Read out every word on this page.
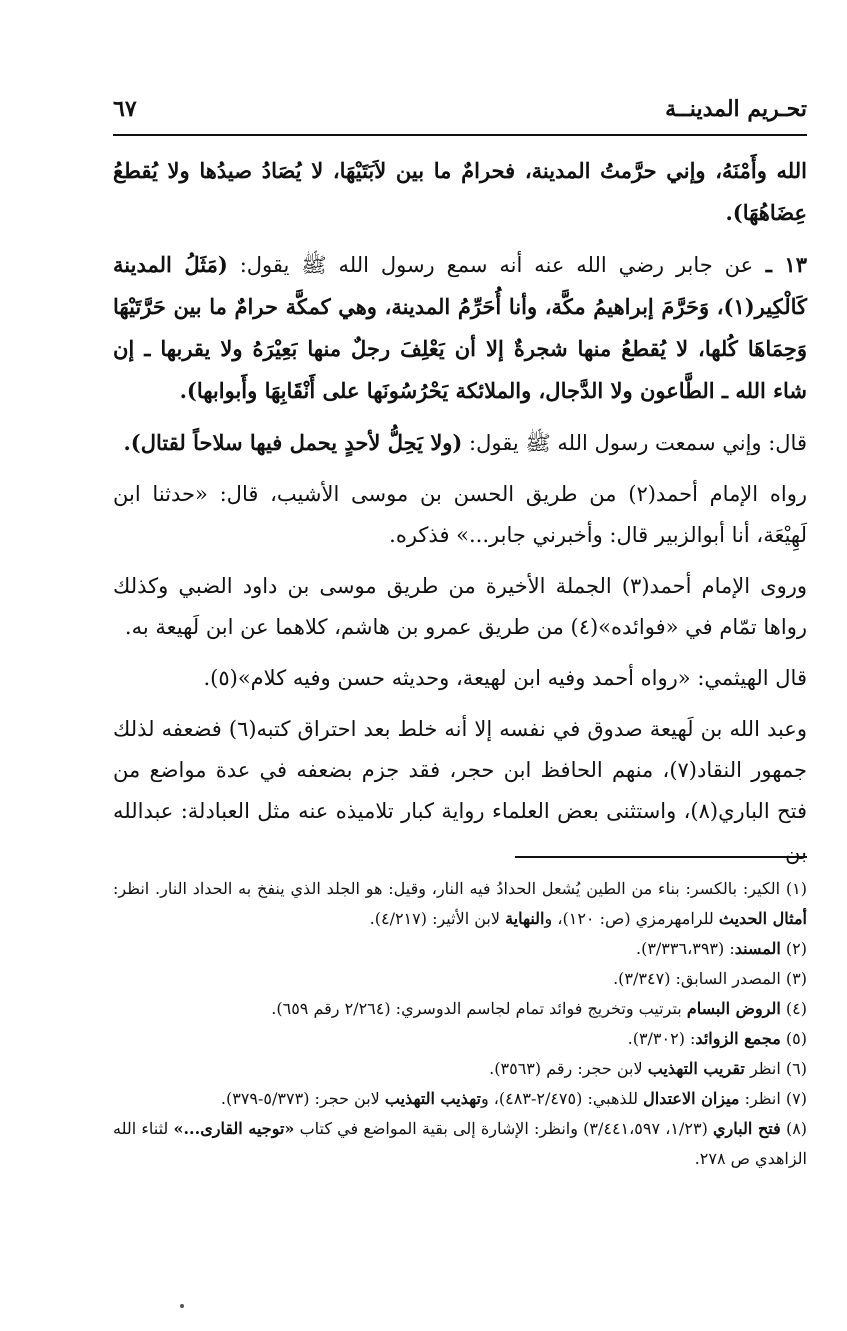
تحـريم المدينــة
٦٧

الله وأَمْنَهُ، وإني حرَّمتُ المدينة، فحرامٌ ما بين لاَبَتَيْهَا، لا يُصَادُ صيدُها ولا يُقطعُ عِضَاهُهَا).

١٣ ـ عن جابر رضي الله عنه أنه سمع رسول الله ﷺ يقول: (مَثَلُ المدينة كَالْكِير(١)، وَحَرَّمَ إبراهيمُ مكَّة، وأنا أُحَرِّمُ المدينة، وهي كمكَّة حرامٌ ما بين حَرَّتَيْهَا وَحِمَاهَا كُلها، لا يُقطعُ منها شجرةٌ إلا أن يَعْلِفَ رجلٌ منها بَعِيْرَهُ ولا يقربها ـ إن شاء الله ـ الطَّاعون ولا الدَّجال، والملائكة يَحْرُسُونَها على أَنْقَابِهَا وأَبوابها).

قال: وإني سمعت رسول الله ﷺ يقول: (ولا يَحِلُّ لأحدٍ يحمل فيها سلاحاً لقتال).

رواه الإمام أحمد(٢) من طريق الحسن بن موسى الأشيب، قال: «حدثنا ابن لَهِيْعَة، أنا أبوالزبير قال: وأخبرني جابر...» فذكره.

وروى الإمام أحمد(٣) الجملة الأخيرة من طريق موسى بن داود الضبي وكذلك رواها تمّام في «فوائده»(٤) من طريق عمرو بن هاشم، كلاهما عن ابن لَهيعة به.

قال الهيثمي: «رواه أحمد وفيه ابن لهيعة، وحديثه حسن وفيه كلام»(٥).

وعبد الله بن لَهيعة صدوق في نفسه إلا أنه خلط بعد احتراق كتبه(٦) فضعفه لذلك جمهور النقاد(٧)، منهم الحافظ ابن حجر، فقد جزم بضعفه في عدة مواضع من فتح الباري(٨)، واستثنى بعض العلماء رواية كبار تلاميذه عنه مثل العبادلة: عبدالله بن

(١) الكير: بالكسر: بناء من الطين يُشعل الحدادُ فيه النار، وقيل: هو الجلد الذي ينفخ به الحداد النار. انظر: أمثال الحديث للرامهرمزي (ص: ١٢٠)، والنهاية لابن الأثير: (٤/٢١٧).

(٢) المسند: (٣/٣٣٦،٣٩٣).

(٣) المصدر السابق: (٣/٣٤٧).

(٤) الروض البسام بترتيب وتخريج فوائد تمام لجاسم الدوسري: (٢/٢٦٤ رقم ٦٥٩).

(٥) مجمع الزوائد: (٣/٣٠٢).

(٦) انظر تقريب التهذيب لابن حجر: رقم (٣٥٦٣).

(٧) انظر: ميزان الاعتدال للذهبي: (٢/٤٧٥-٤٨٣)، وتهذيب التهذيب لابن حجر: (٥/٣٧٣-٣٧٩).

(٨) فتح الباري (١/٢٣، ٣/٤٤١،٥٩٧) وانظر: الإشارة إلى بقية المواضع في كتاب «توجيه القارى...» لثناء الله الزاهدي ص ٢٧٨.
